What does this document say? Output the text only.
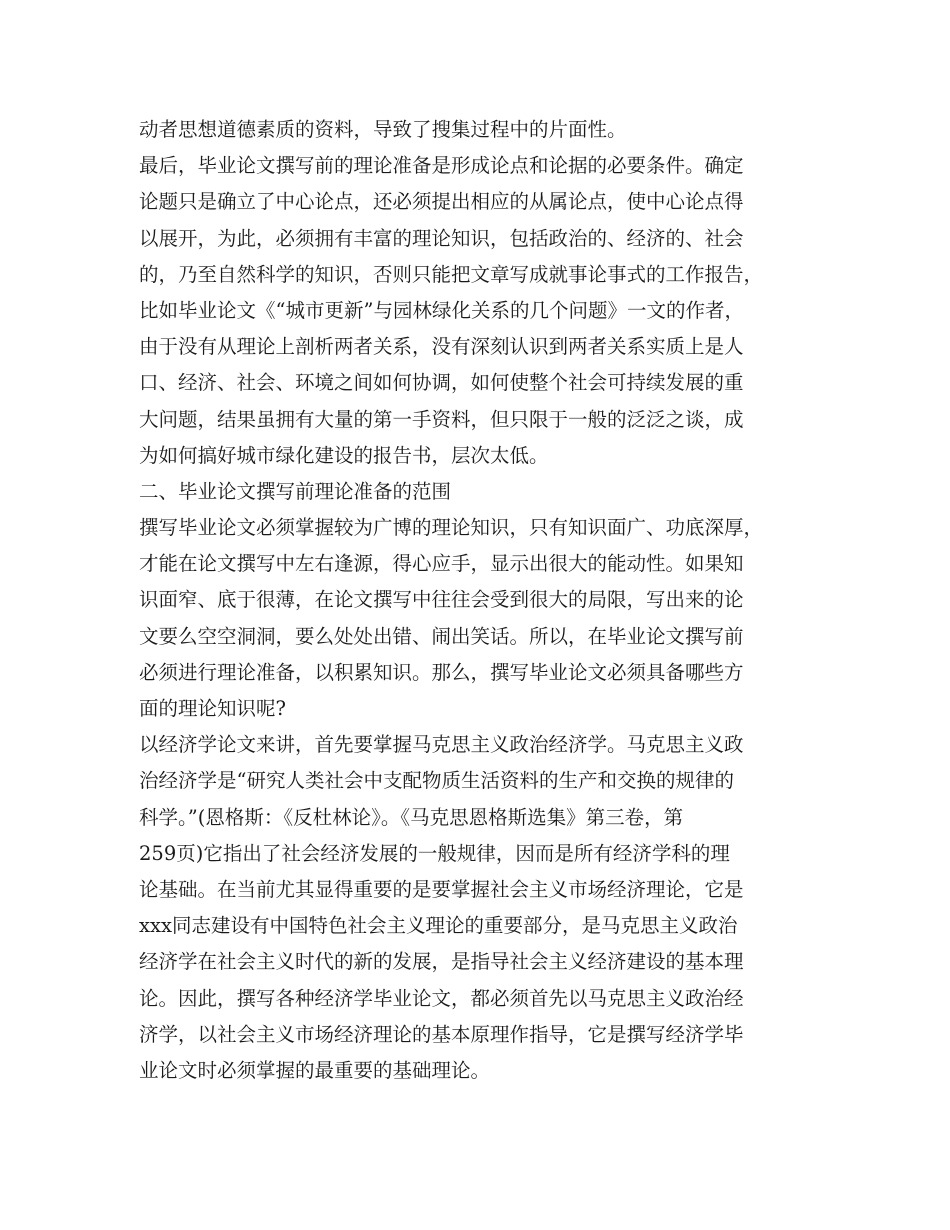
动者思想道德素质的资料，导致了搜集过程中的片面性。
最后，毕业论文撰写前的理论准备是形成论点和论据的必要条件。确定
论题只是确立了中心论点，还必须提出相应的从属论点，使中心论点得
以展开，为此，必须拥有丰富的理论知识，包括政治的、经济的、社会
的，乃至自然科学的知识，否则只能把文章写成就事论事式的工作报告，
比如毕业论文《“城市更新”与园林绿化关系的几个问题》一文的作者，
由于没有从理论上剖析两者关系，没有深刻认识到两者关系实质上是人
口、经济、社会、环境之间如何协调，如何使整个社会可持续发展的重
大问题，结果虽拥有大量的第一手资料，但只限于一般的泛泛之谈，成
为如何搞好城市绿化建设的报告书，层次太低。
二、毕业论文撰写前理论准备的范围
撰写毕业论文必须掌握较为广博的理论知识，只有知识面广、功底深厚，
才能在论文撰写中左右逢源，得心应手，显示出很大的能动性。如果知
识面窄、底于很薄，在论文撰写中往往会受到很大的局限，写出来的论
文要么空空洞洞，要么处处出错、闹出笑话。所以，在毕业论文撰写前
必须进行理论准备，以积累知识。那么，撰写毕业论文必须具备哪些方
面的理论知识呢?
以经济学论文来讲，首先要掌握马克思主义政治经济学。马克思主义政
治经济学是“研究人类社会中支配物质生活资料的生产和交换的规律的
科学。”(恩格斯：《反杜林论》。《马克思恩格斯选集》第三卷，第
259页)它指出了社会经济发展的一般规律，因而是所有经济学科的理
论基础。在当前尤其显得重要的是要掌握社会主义市场经济理论，它是
xxx同志建设有中国特色社会主义理论的重要部分，是马克思主义政治
经济学在社会主义时代的新的发展，是指导社会主义经济建设的基本理
论。因此，撰写各种经济学毕业论文，都必须首先以马克思主义政治经
济学，以社会主义市场经济理论的基本原理作指导，它是撰写经济学毕
业论文时必须掌握的最重要的基础理论。
